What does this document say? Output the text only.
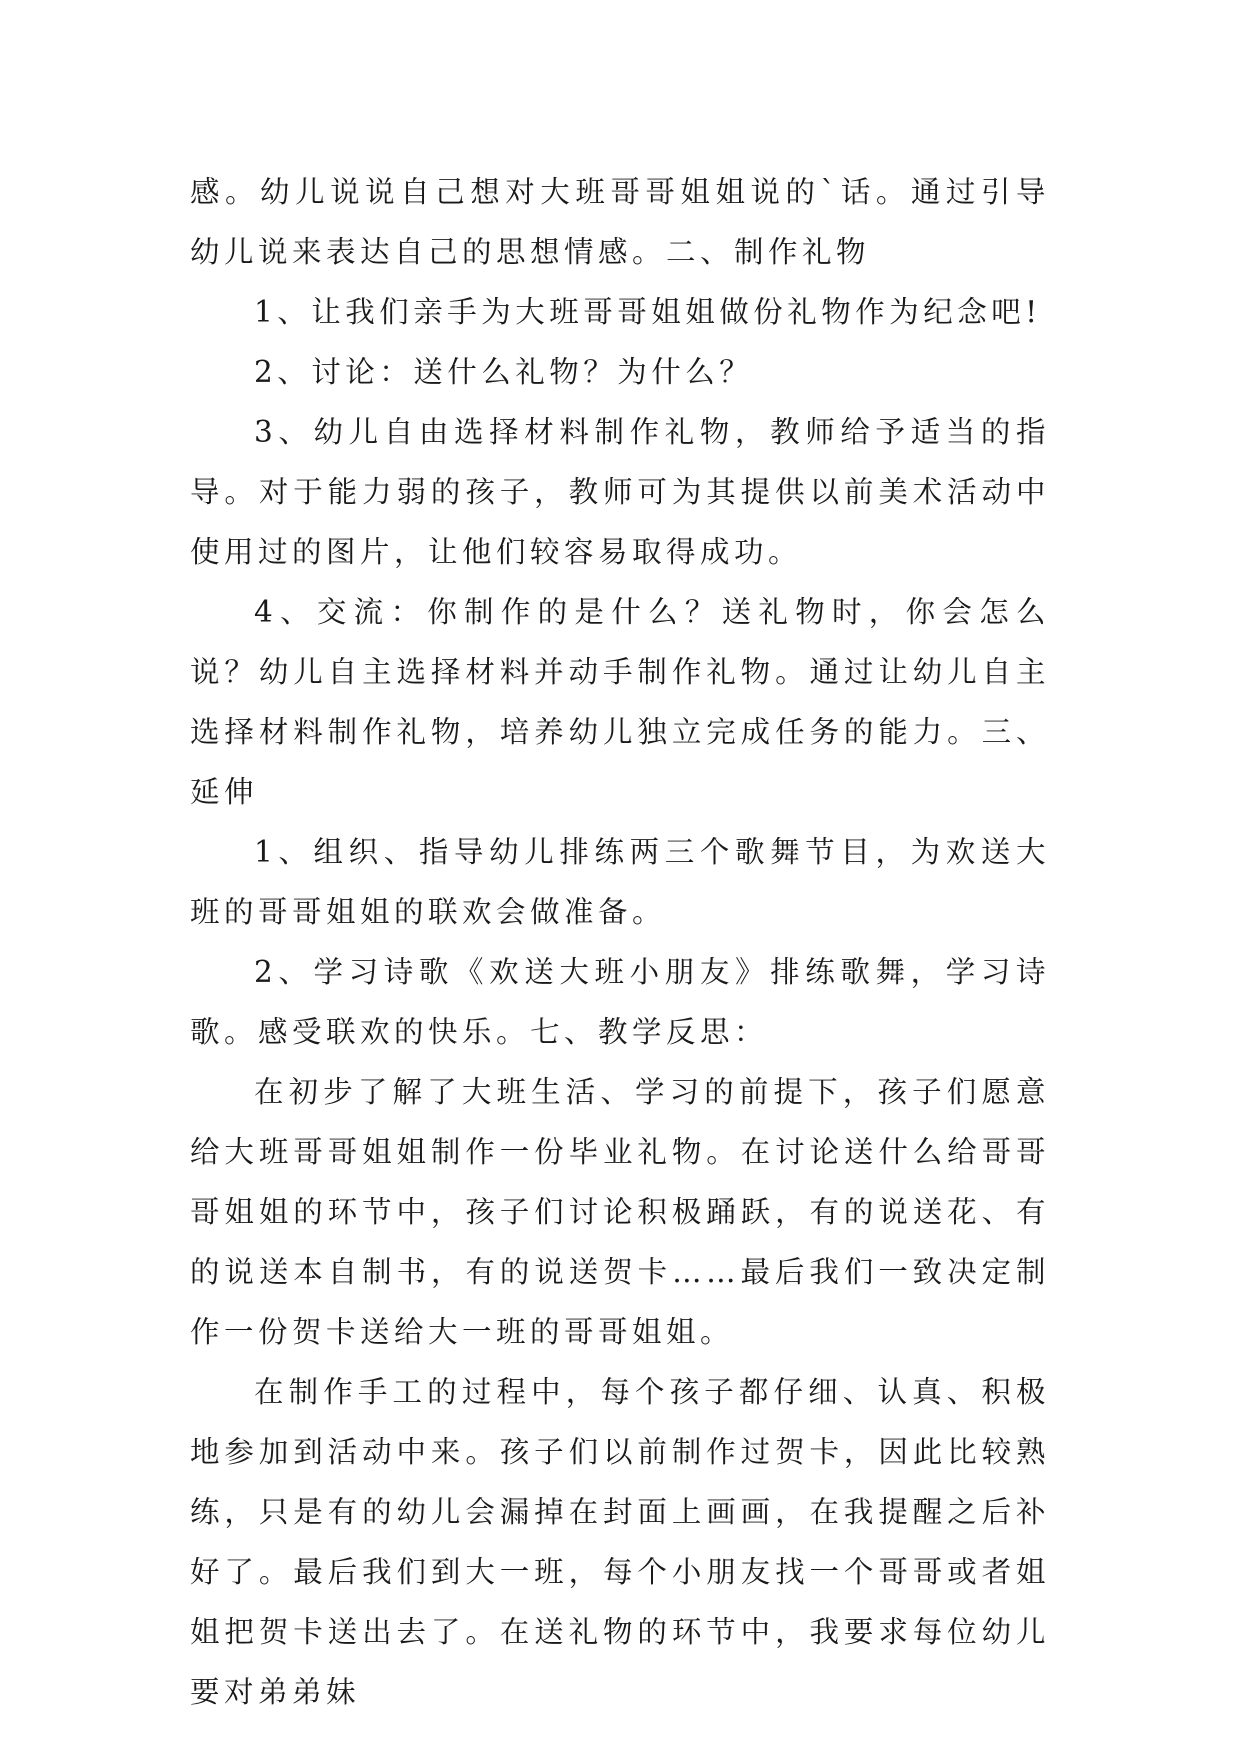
感。幼儿说说自己想对大班哥哥姐姐说的`话。通过引导幼儿说来表达自己的思想情感。二、制作礼物

1、让我们亲手为大班哥哥姐姐做份礼物作为纪念吧!

2、讨论：送什么礼物？为什么？

3、幼儿自由选择材料制作礼物，教师给予适当的指导。对于能力弱的孩子，教师可为其提供以前美术活动中使用过的图片，让他们较容易取得成功。

4、交流：你制作的是什么？送礼物时，你会怎么说？幼儿自主选择材料并动手制作礼物。通过让幼儿自主选择材料制作礼物，培养幼儿独立完成任务的能力。三、延伸

1、组织、指导幼儿排练两三个歌舞节目，为欢送大班的哥哥姐姐的联欢会做准备。

2、学习诗歌《欢送大班小朋友》排练歌舞，学习诗歌。感受联欢的快乐。七、教学反思：

在初步了解了大班生活、学习的前提下，孩子们愿意给大班哥哥姐姐制作一份毕业礼物。在讨论送什么给哥哥哥姐姐的环节中，孩子们讨论积极踊跃，有的说送花、有的说送本自制书，有的说送贺卡……最后我们一致决定制作一份贺卡送给大一班的哥哥姐姐。

在制作手工的过程中，每个孩子都仔细、认真、积极地参加到活动中来。孩子们以前制作过贺卡，因此比较熟练，只是有的幼儿会漏掉在封面上画画，在我提醒之后补好了。最后我们到大一班，每个小朋友找一个哥哥或者姐姐把贺卡送出去了。在送礼物的环节中，我要求每位幼儿要对弟弟妹
